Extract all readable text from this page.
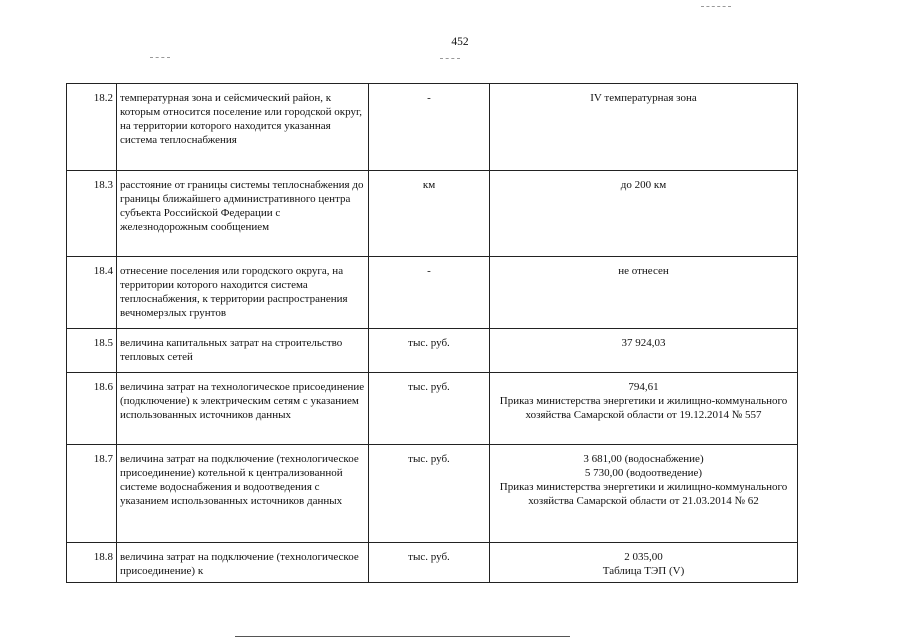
452
18.2	температурная зона и сейсмический район, к которым относится поселение или городской округ, на территории которого находится указанная система теплоснабжения	-	IV температурная зона

18.3	расстояние от границы системы теплоснабжения до границы ближайшего административного центра субъекта Российской Федерации с железнодорожным сообщением	км	до 200 км

18.4	отнесение поселения или городского округа, на территории которого находится система теплоснабжения, к территории распространения вечномерзлых грунтов	-	не отнесен

18.5	величина капитальных затрат на строительство тепловых сетей	тыс. руб.	37 924,03

18.6	величина затрат на технологическое присоединение (подключение) к электрическим сетям с указанием использованных источников данных	тыс. руб.	794,61
Приказ министерства энергетики и жилищно-коммунального хозяйства Самарской области от 19.12.2014 № 557

18.7	величина затрат на подключение (технологическое присоединение) котельной к централизованной системе водоснабжения и водоотведения с указанием использованных источников данных	тыс. руб.	3 681,00 (водоснабжение)
5 730,00 (водоотведение)
Приказ министерства энергетики и жилищно-коммунального хозяйства Самарской области от 21.03.2014 № 62

18.8	величина затрат на подключение (технологическое присоединение) к	тыс. руб.	2 035,00
Таблица ТЭП (V)
